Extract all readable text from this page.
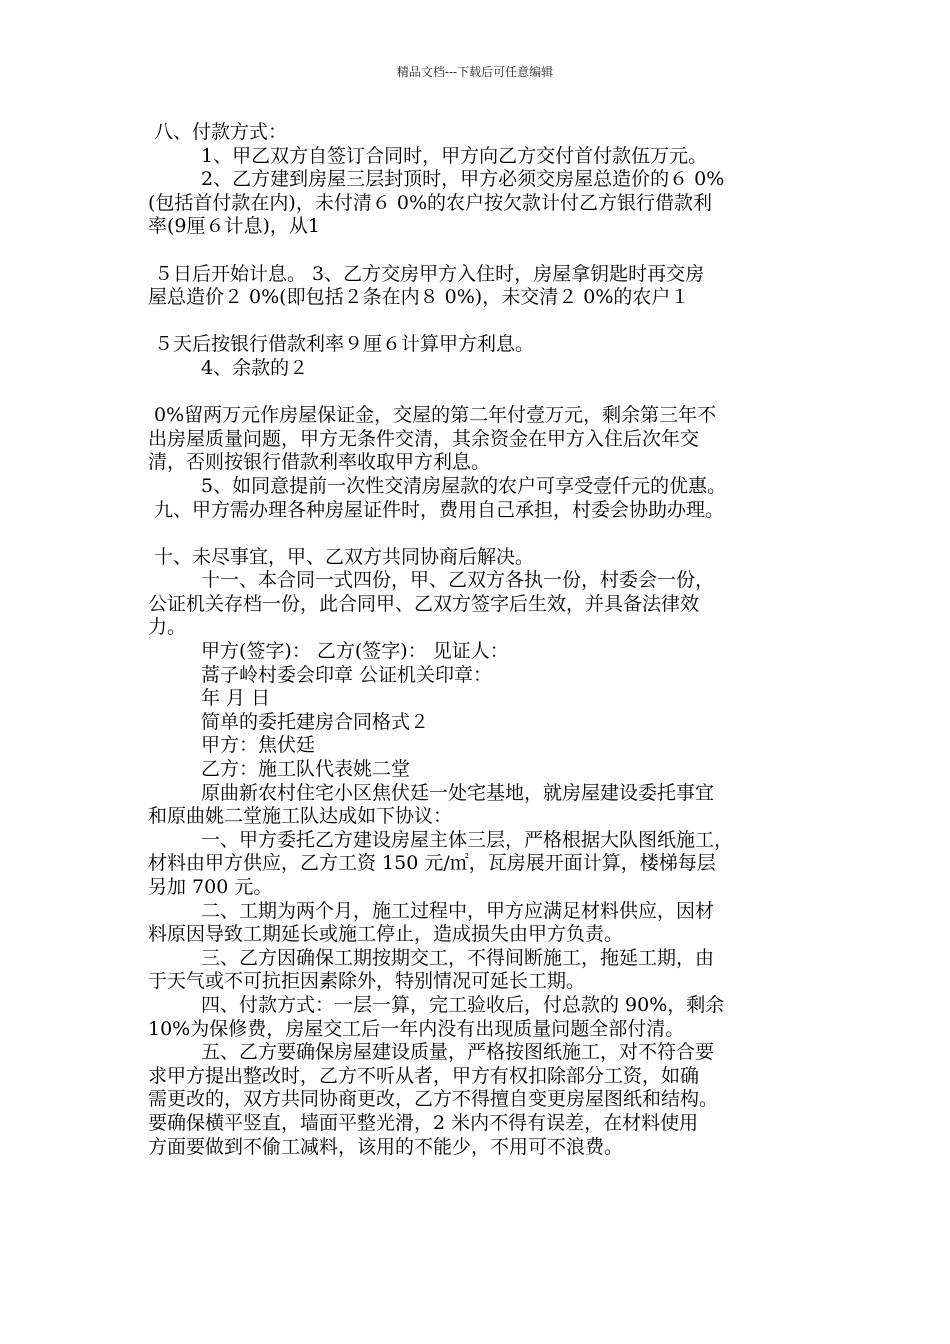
精品文档---下载后可任意编辑
八、付款方式：
1、甲乙双方自签订合同时，甲方向乙方交付首付款伍万元。
2、乙方建到房屋三层封顶时，甲方必须交房屋总造价的６ 0%
(包括首付款在内)，未付清６ 0%的农户按欠款计付乙方银行借款利
率(9厘６计息)，从1
５日后开始计息。 3、乙方交房甲方入住时，房屋拿钥匙时再交房
屋总造价２ 0%(即包括２条在内８ 0%)，未交清２ 0%的农户１
５天后按银行借款利率９厘６计算甲方利息。
4、余款的２
0%留两万元作房屋保证金，交屋的第二年付壹万元，剩余第三年不
出房屋质量问题，甲方无条件交清，其余资金在甲方入住后次年交
清，否则按银行借款利率收取甲方利息。
5、如同意提前一次性交清房屋款的农户可享受壹仟元的优惠。
九、甲方需办理各种房屋证件时，费用自己承担，村委会协助办理。
十、未尽事宜，甲、乙双方共同协商后解决。
十一、本合同一式四份，甲、乙双方各执一份，村委会一份，
公证机关存档一份，此合同甲、乙双方签字后生效，并具备法律效
力。
甲方(签字)： 乙方(签字)： 见证人：
蒿子岭村委会印章 公证机关印章：
年 月 日
简单的委托建房合同格式２
甲方：焦伏廷
乙方：施工队代表姚二堂
原曲新农村住宅小区焦伏廷一处宅基地，就房屋建设委托事宜
和原曲姚二堂施工队达成如下协议：
一、甲方委托乙方建设房屋主体三层，严格根据大队图纸施工，
材料由甲方供应，乙方工资 150 元/㎡，瓦房展开面计算，楼梯每层
另加 700 元。
二、工期为两个月，施工过程中，甲方应满足材料供应，因材
料原因导致工期延长或施工停止，造成损失由甲方负责。
三、乙方因确保工期按期交工，不得间断施工，拖延工期，由
于天气或不可抗拒因素除外，特别情况可延长工期。
四、付款方式：一层一算，完工验收后，付总款的 90%，剩余
10%为保修费，房屋交工后一年内没有出现质量问题全部付清。
五、乙方要确保房屋建设质量，严格按图纸施工，对不符合要
求甲方提出整改时，乙方不听从者，甲方有权扣除部分工资，如确
需更改的，双方共同协商更改，乙方不得擅自变更房屋图纸和结构。
要确保横平竖直，墙面平整光滑，2 米内不得有误差，在材料使用
方面要做到不偷工减料，该用的不能少，不用可不浪费。
